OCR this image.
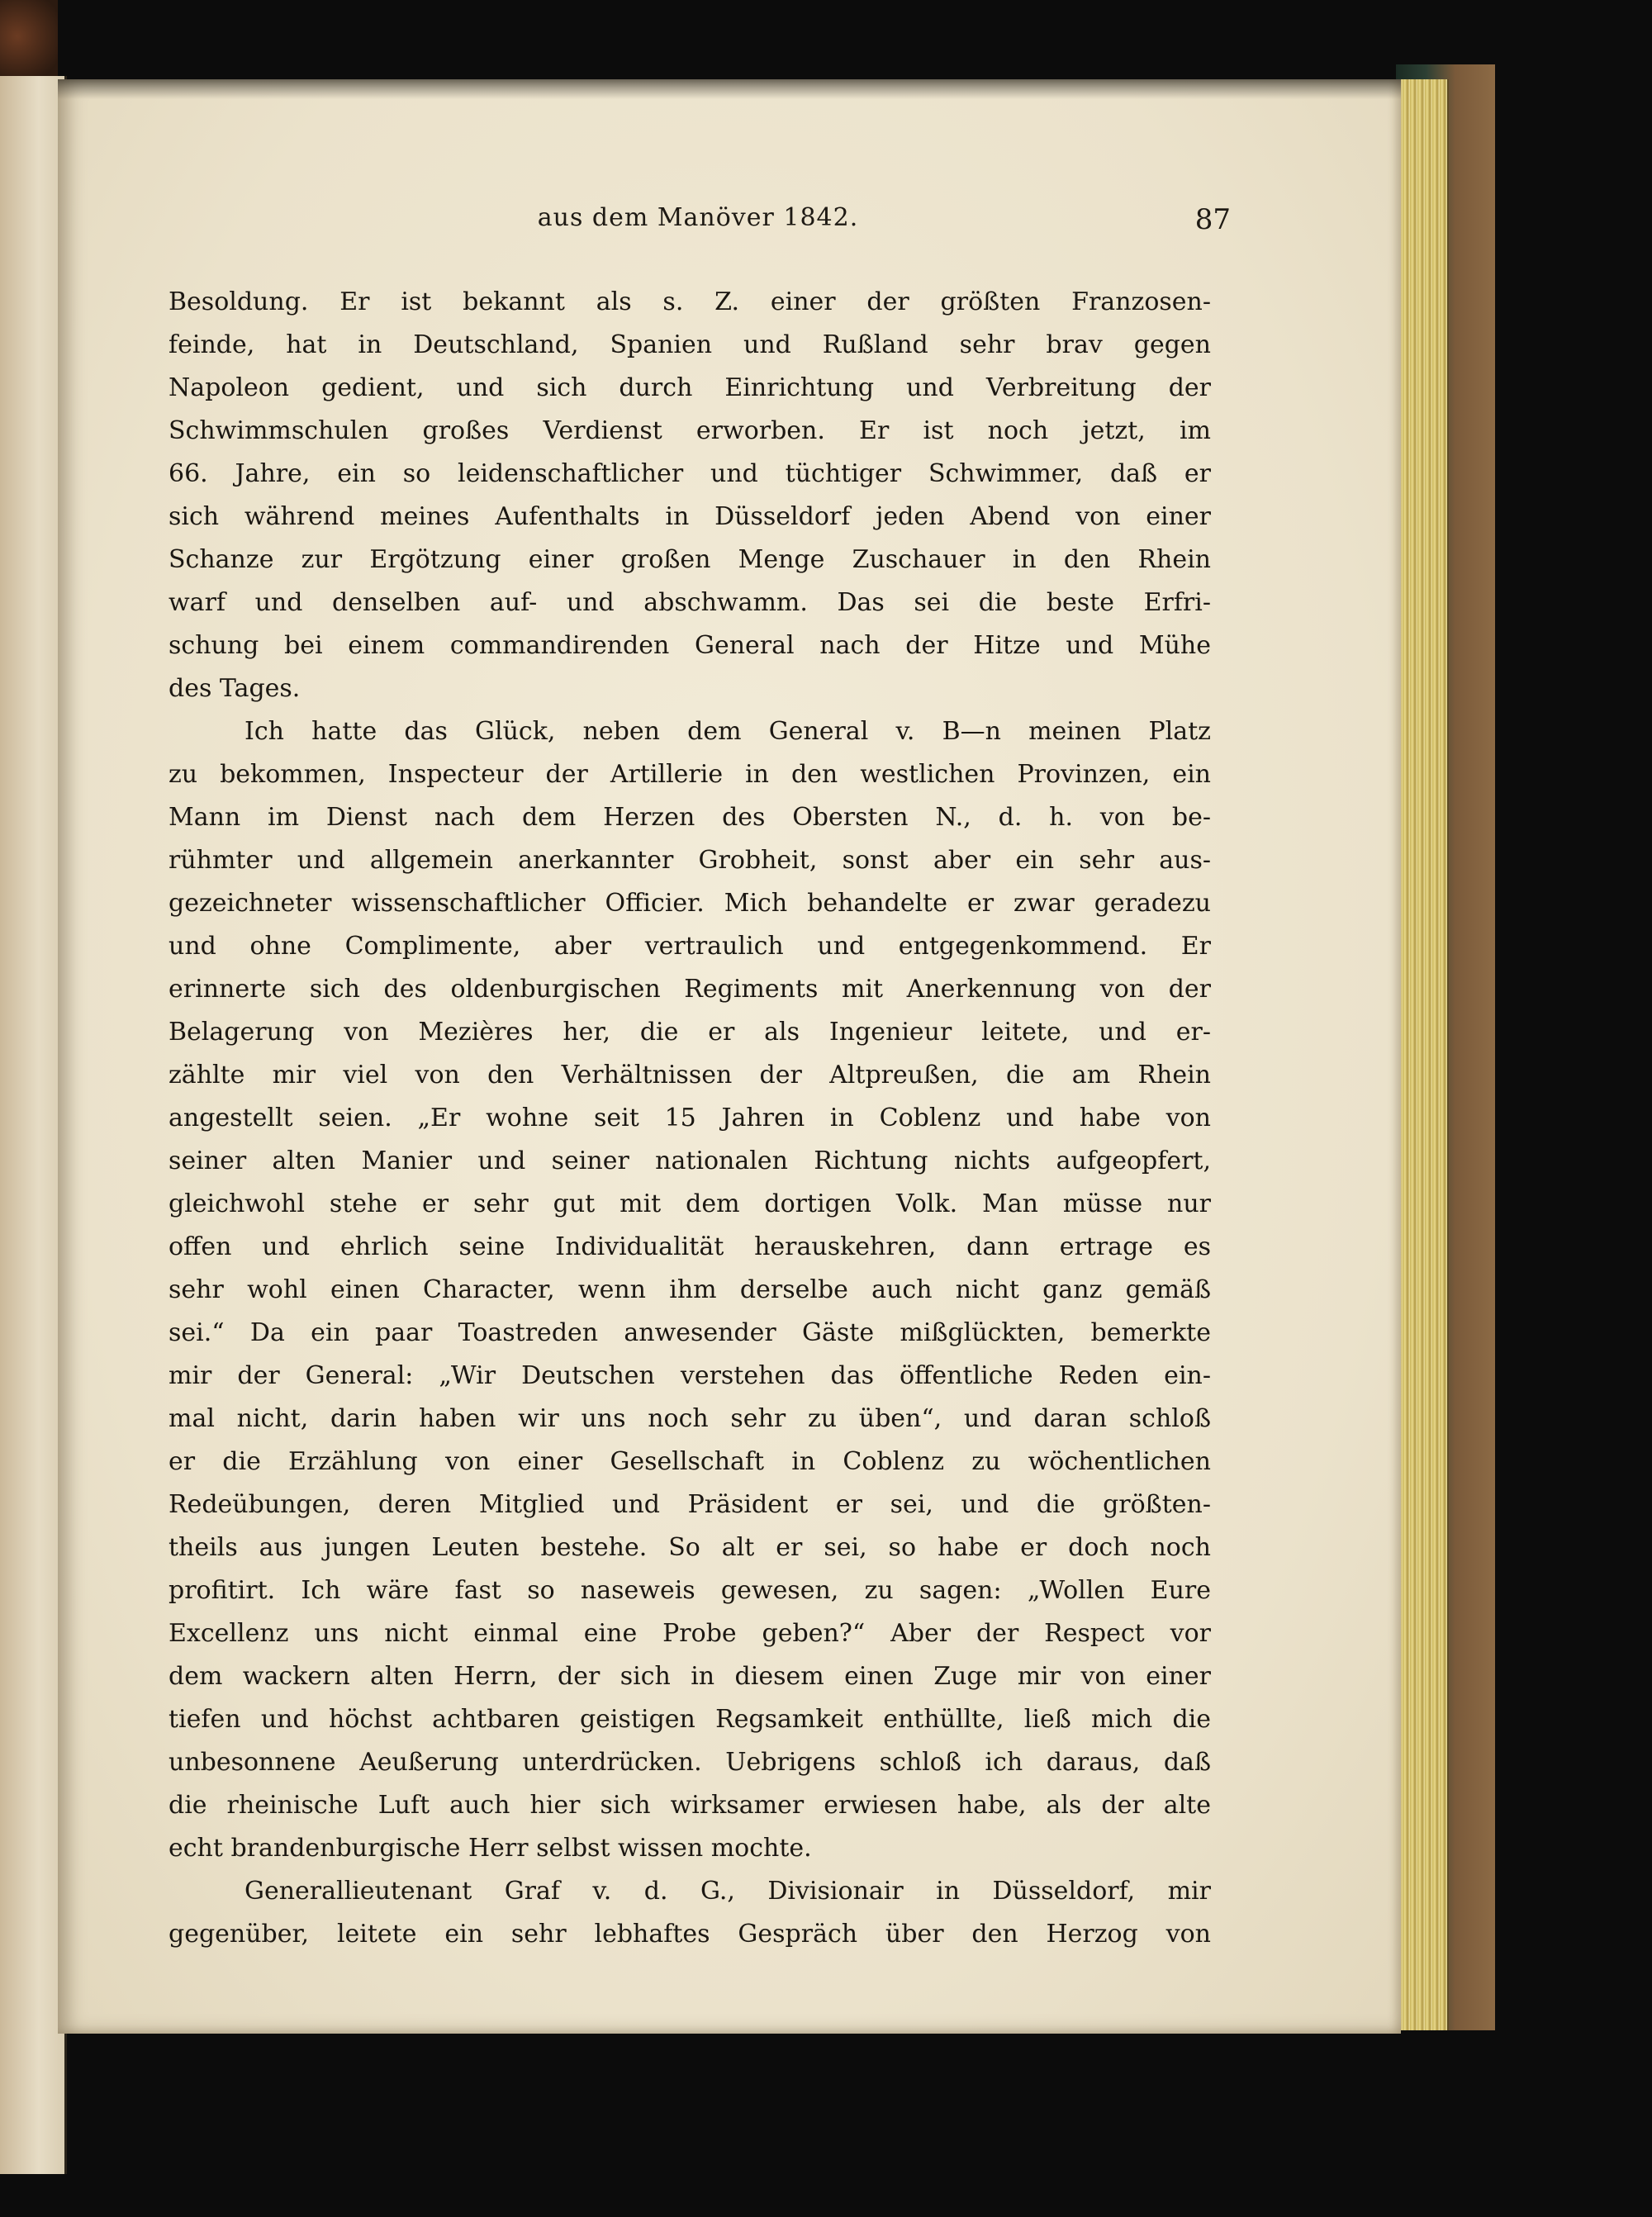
aus dem Manöver 1842.	87
Besoldung. Er ist bekannt als s. Z. einer der größten Franzosen-
feinde, hat in Deutschland, Spanien und Rußland sehr brav gegen
Napoleon gedient, und sich durch Einrichtung und Verbreitung der
Schwimmschulen großes Verdienst erworben. Er ist noch jetzt, im
66. Jahre, ein so leidenschaftlicher und tüchtiger Schwimmer, daß er
sich während meines Aufenthalts in Düsseldorf jeden Abend von einer
Schanze zur Ergötzung einer großen Menge Zuschauer in den Rhein
warf und denselben auf- und abschwamm. Das sei die beste Erfri-
schung bei einem commandirenden General nach der Hitze und Mühe
des Tages.
Ich hatte das Glück, neben dem General v. B—n meinen Platz
zu bekommen, Inspecteur der Artillerie in den westlichen Provinzen, ein
Mann im Dienst nach dem Herzen des Obersten N., d. h. von be-
rühmter und allgemein anerkannter Grobheit, sonst aber ein sehr aus-
gezeichneter wissenschaftlicher Officier. Mich behandelte er zwar geradezu
und ohne Complimente, aber vertraulich und entgegenkommend. Er
erinnerte sich des oldenburgischen Regiments mit Anerkennung von der
Belagerung von Mezières her, die er als Ingenieur leitete, und er-
zählte mir viel von den Verhältnissen der Altpreußen, die am Rhein
angestellt seien. „Er wohne seit 15 Jahren in Coblenz und habe von
seiner alten Manier und seiner nationalen Richtung nichts aufgeopfert,
gleichwohl stehe er sehr gut mit dem dortigen Volk. Man müsse nur
offen und ehrlich seine Individualität herauskehren, dann ertrage es
sehr wohl einen Character, wenn ihm derselbe auch nicht ganz gemäß
sei.“ Da ein paar Toastreden anwesender Gäste mißglückten, bemerkte
mir der General: „Wir Deutschen verstehen das öffentliche Reden ein-
mal nicht, darin haben wir uns noch sehr zu üben“, und daran schloß
er die Erzählung von einer Gesellschaft in Coblenz zu wöchentlichen
Redeübungen, deren Mitglied und Präsident er sei, und die größten-
theils aus jungen Leuten bestehe. So alt er sei, so habe er doch noch
profitirt. Ich wäre fast so naseweis gewesen, zu sagen: „Wollen Eure
Excellenz uns nicht einmal eine Probe geben?“ Aber der Respect vor
dem wackern alten Herrn, der sich in diesem einen Zuge mir von einer
tiefen und höchst achtbaren geistigen Regsamkeit enthüllte, ließ mich die
unbesonnene Aeußerung unterdrücken. Uebrigens schloß ich daraus, daß
die rheinische Luft auch hier sich wirksamer erwiesen habe, als der alte
echt brandenburgische Herr selbst wissen mochte.
Generallieutenant Graf v. d. G., Divisionair in Düsseldorf, mir
gegenüber, leitete ein sehr lebhaftes Gespräch über den Herzog von
